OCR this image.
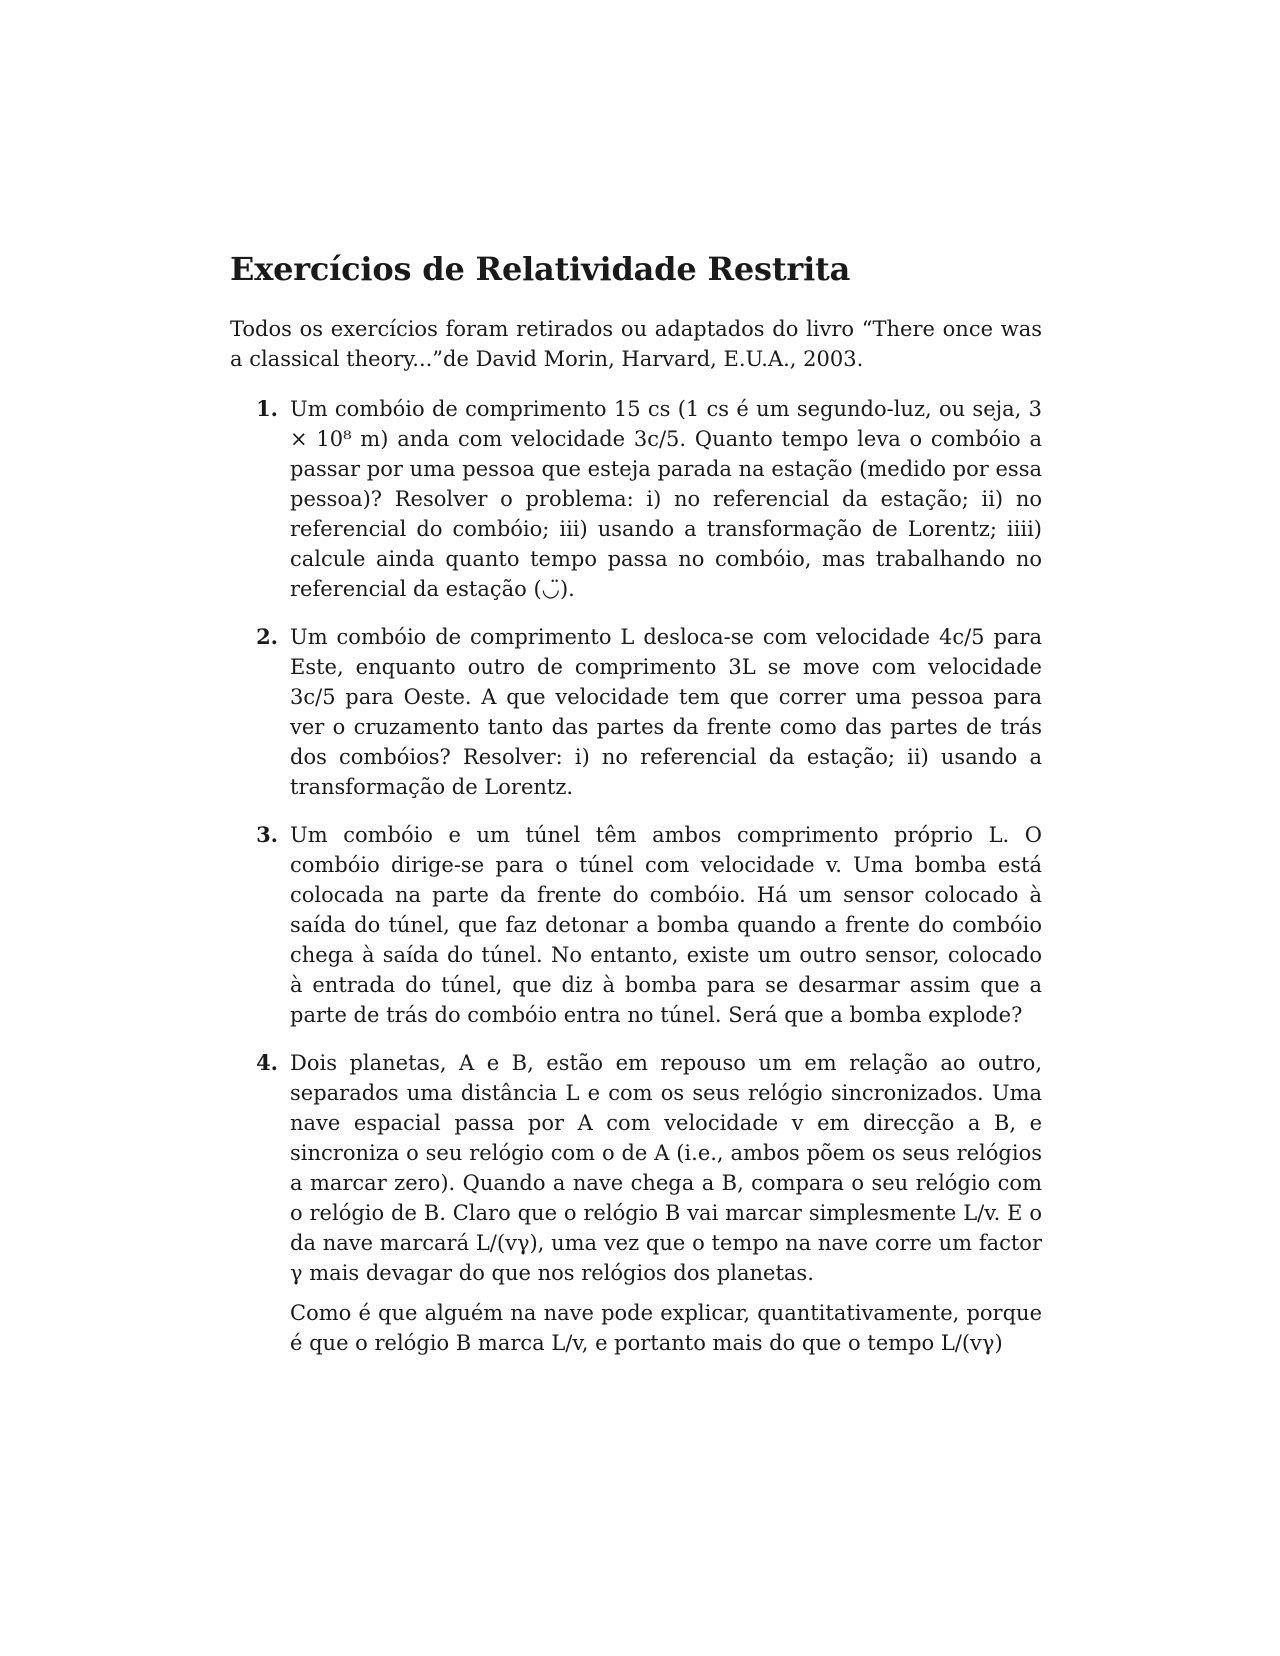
Exercícios de Relatividade Restrita

Todos os exercícios foram retirados ou adaptados do livro “There once was a classical theory...”de David Morin, Harvard, E.U.A., 2003.

1. Um combóio de comprimento 15 cs (1 cs é um segundo-luz, ou seja, 3 × 10⁸ m) anda com velocidade 3c/5. Quanto tempo leva o combóio a passar por uma pessoa que esteja parada na estação (medido por essa pessoa)? Resolver o problema: i) no referencial da estação; ii) no referencial do combóio; iii) usando a transformação de Lorentz; iiii) calcule ainda quanto tempo passa no combóio, mas trabalhando no referencial da estação (◡̈).

2. Um combóio de comprimento L desloca-se com velocidade 4c/5 para Este, enquanto outro de comprimento 3L se move com velocidade 3c/5 para Oeste. A que velocidade tem que correr uma pessoa para ver o cruzamento tanto das partes da frente como das partes de trás dos combóios? Resolver: i) no referencial da estação; ii) usando a transformação de Lorentz.

3. Um combóio e um túnel têm ambos comprimento próprio L. O combóio dirige-se para o túnel com velocidade v. Uma bomba está colocada na parte da frente do combóio. Há um sensor colocado à saída do túnel, que faz detonar a bomba quando a frente do combóio chega à saída do túnel. No entanto, existe um outro sensor, colocado à entrada do túnel, que diz à bomba para se desarmar assim que a parte de trás do combóio entra no túnel. Será que a bomba explode?

4. Dois planetas, A e B, estão em repouso um em relação ao outro, separados uma distância L e com os seus relógio sincronizados. Uma nave espacial passa por A com velocidade v em direcção a B, e sincroniza o seu relógio com o de A (i.e., ambos põem os seus relógios a marcar zero). Quando a nave chega a B, compara o seu relógio com o relógio de B. Claro que o relógio B vai marcar simplesmente L/v. E o da nave marcará L/(vγ), uma vez que o tempo na nave corre um factor γ mais devagar do que nos relógios dos planetas.

Como é que alguém na nave pode explicar, quantitativamente, porque é que o relógio B marca L/v, e portanto mais do que o tempo L/(vγ)
